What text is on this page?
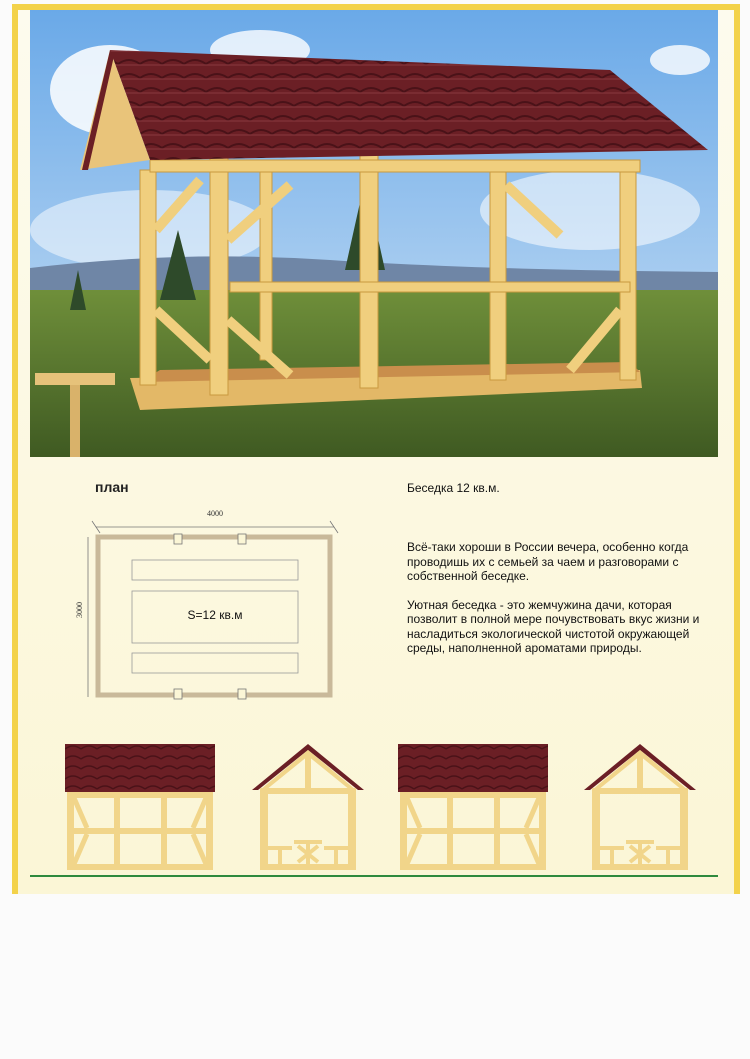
план	Беседка 12 кв.м.

Всё-таки хороши в России вечера, особенно когда проводишь их с семьей за чаем и разговорами с собственной беседке.

Уютная беседка - это жемчужина дачи, которая позволит в полной мере почувствовать вкус жизни и насладиться экологической чистотой окружающей среды, наполненной ароматами природы.

4000
3000	S=12 кв.м
